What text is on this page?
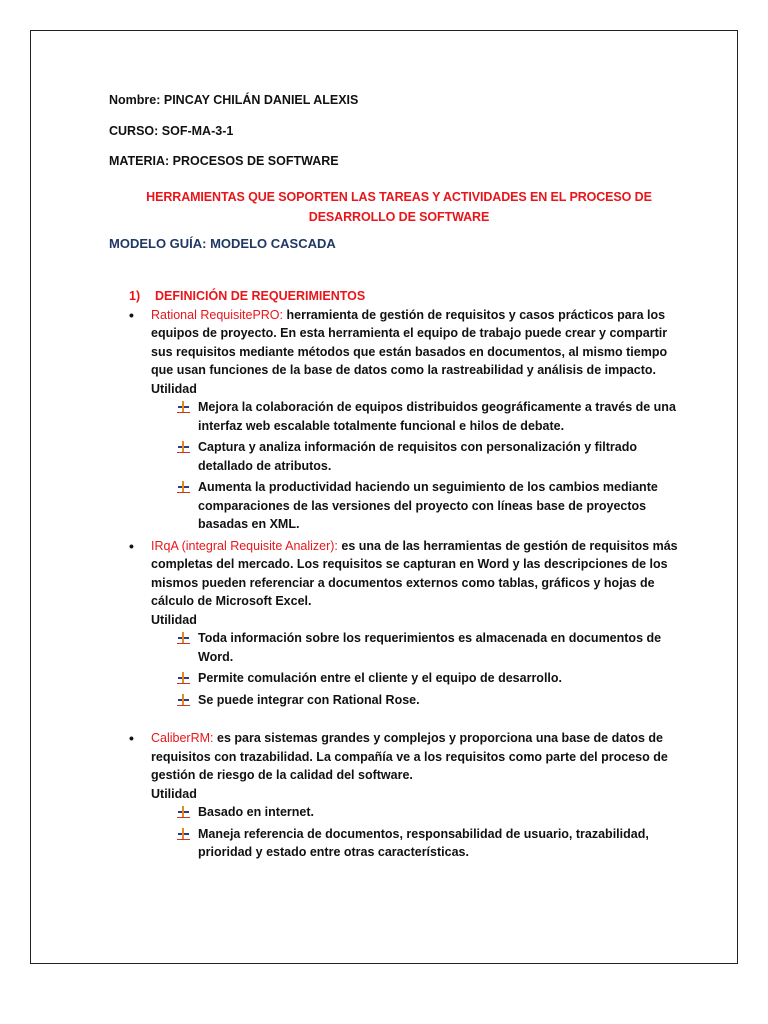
Nombre: PINCAY CHILÁN DANIEL ALEXIS
CURSO: SOF-MA-3-1
MATERIA: PROCESOS DE SOFTWARE
HERRAMIENTAS QUE SOPORTEN LAS TAREAS Y ACTIVIDADES EN EL PROCESO DE DESARROLLO DE SOFTWARE
MODELO GUÍA: MODELO CASCADA
1) DEFINICIÓN DE REQUERIMIENTOS
• Rational RequisitePRO: herramienta de gestión de requisitos y casos prácticos para los equipos de proyecto. En esta herramienta el equipo de trabajo puede crear y compartir sus requisitos mediante métodos que están basados en documentos, al mismo tiempo que usan funciones de la base de datos como la rastreabilidad y análisis de impacto.
Utilidad
Mejora la colaboración de equipos distribuidos geográficamente a través de una interfaz web escalable totalmente funcional e hilos de debate.
Captura y analiza información de requisitos con personalización y filtrado detallado de atributos.
Aumenta la productividad haciendo un seguimiento de los cambios mediante comparaciones de las versiones del proyecto con líneas base de proyectos basadas en XML.
• IRqA (integral Requisite Analizer): es una de las herramientas de gestión de requisitos más completas del mercado. Los requisitos se capturan en Word y las descripciones de los mismos pueden referenciar a documentos externos como tablas, gráficos y hojas de cálculo de Microsoft Excel.
Utilidad
Toda información sobre los requerimientos es almacenada en documentos de Word.
Permite comulación entre el cliente y el equipo de desarrollo.
Se puede integrar con Rational Rose.
• CaliberRM: es para sistemas grandes y complejos y proporciona una base de datos de requisitos con trazabilidad. La compañía ve a los requisitos como parte del proceso de gestión de riesgo de la calidad del software.
Utilidad
Basado en internet.
Maneja referencia de documentos, responsabilidad de usuario, trazabilidad, prioridad y estado entre otras características.
